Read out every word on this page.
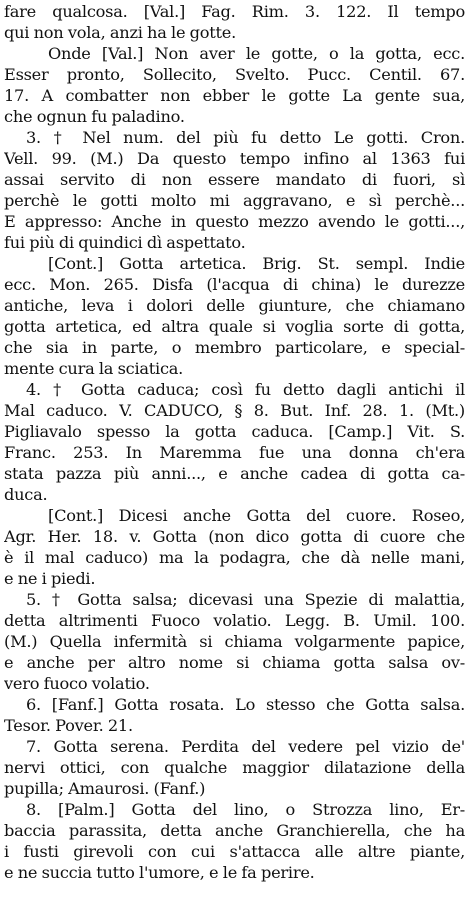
fare qualcosa. [Val.] Fag. Rim. 3. 122. Il tempo
qui non vola, anzi ha le gotte.
Onde [Val.] Non aver le gotte, o la gotta, ecc.
Esser pronto, Sollecito, Svelto. Pucc. Centil. 67.
17. A combatter non ebber le gotte La gente sua,
che ognun fu paladino.
3. † Nel num. del più fu detto Le gotti. Cron.
Vell. 99. (M.) Da questo tempo infino al 1363 fui
assai servito di non essere mandato di fuori, sì
perchè le gotti molto mi aggravano, e sì perchè...
E appresso: Anche in questo mezzo avendo le gotti...,
fui più di quindici dì aspettato.
[Cont.] Gotta artetica. Brig. St. sempl. Indie
ecc. Mon. 265. Disfa (l'acqua di china) le durezze
antiche, leva i dolori delle giunture, che chiamano
gotta artetica, ed altra quale si voglia sorte di gotta,
che sia in parte, o membro particolare, e special-
mente cura la sciatica.
4. † Gotta caduca; così fu detto dagli antichi il
Mal caduco. V. CADUCO, § 8. But. Inf. 28. 1. (Mt.)
Pigliavalo spesso la gotta caduca. [Camp.] Vit. S.
Franc. 253. In Maremma fue una donna ch'era
stata pazza più anni..., e anche cadea di gotta ca-
duca.
[Cont.] Dicesi anche Gotta del cuore. Roseo,
Agr. Her. 18. v. Gotta (non dico gotta di cuore che
è il mal caduco) ma la podagra, che dà nelle mani,
e ne i piedi.
5. † Gotta salsa; dicevasi una Spezie di malattia,
detta altrimenti Fuoco volatio. Legg. B. Umil. 100.
(M.) Quella infermità si chiama volgarmente papice,
e anche per altro nome si chiama gotta salsa ov-
vero fuoco volatio.
6. [Fanf.] Gotta rosata. Lo stesso che Gotta salsa.
Tesor. Pover. 21.
7. Gotta serena. Perdita del vedere pel vizio de'
nervi ottici, con qualche maggior dilatazione della
pupilla; Amaurosi. (Fanf.)
8. [Palm.] Gotta del lino, o Strozza lino, Er-
baccia parassita, detta anche Granchierella, che ha
i fusti girevoli con cui s'attacca alle altre piante,
e ne succia tutto l'umore, e le fa perire.
